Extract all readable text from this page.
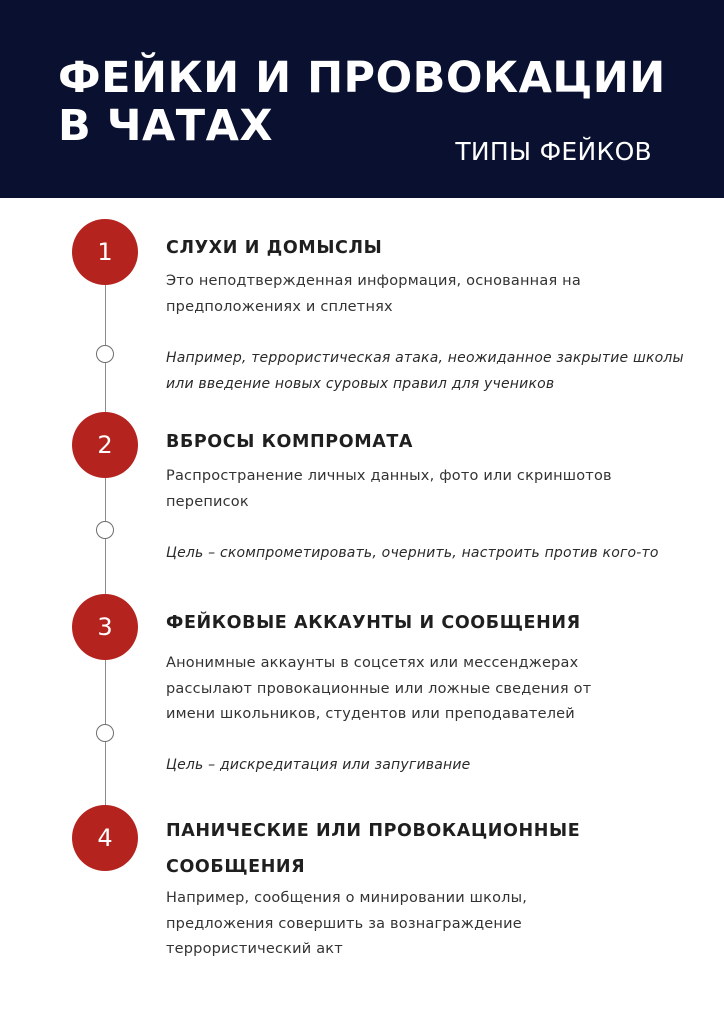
ФЕЙКИ И ПРОВОКАЦИИ
В ЧАТАХ
ТИПЫ ФЕЙКОВ
1	СЛУХИ И ДОМЫСЛЫ

Это неподтвержденная информация, основанная на предположениях и сплетнях

Например, террористическая атака, неожиданное закрытие школы или введение новых суровых правил для учеников

2	ВБРОСЫ КОМПРОМАТА

Распространение личных данных, фото или скриншотов переписок

Цель – скомпрометировать, очернить, настроить против кого-то

3	ФЕЙКОВЫЕ АККАУНТЫ И СООБЩЕНИЯ

Анонимные аккаунты в соцсетях или мессенджерах рассылают провокационные или ложные сведения от имени школьников, студентов или преподавателей

Цель – дискредитация или запугивание

4	ПАНИЧЕСКИЕ ИЛИ ПРОВОКАЦИОННЫЕ
СООБЩЕНИЯ

Например, сообщения о минировании школы, предложения совершить за вознаграждение террористический акт
